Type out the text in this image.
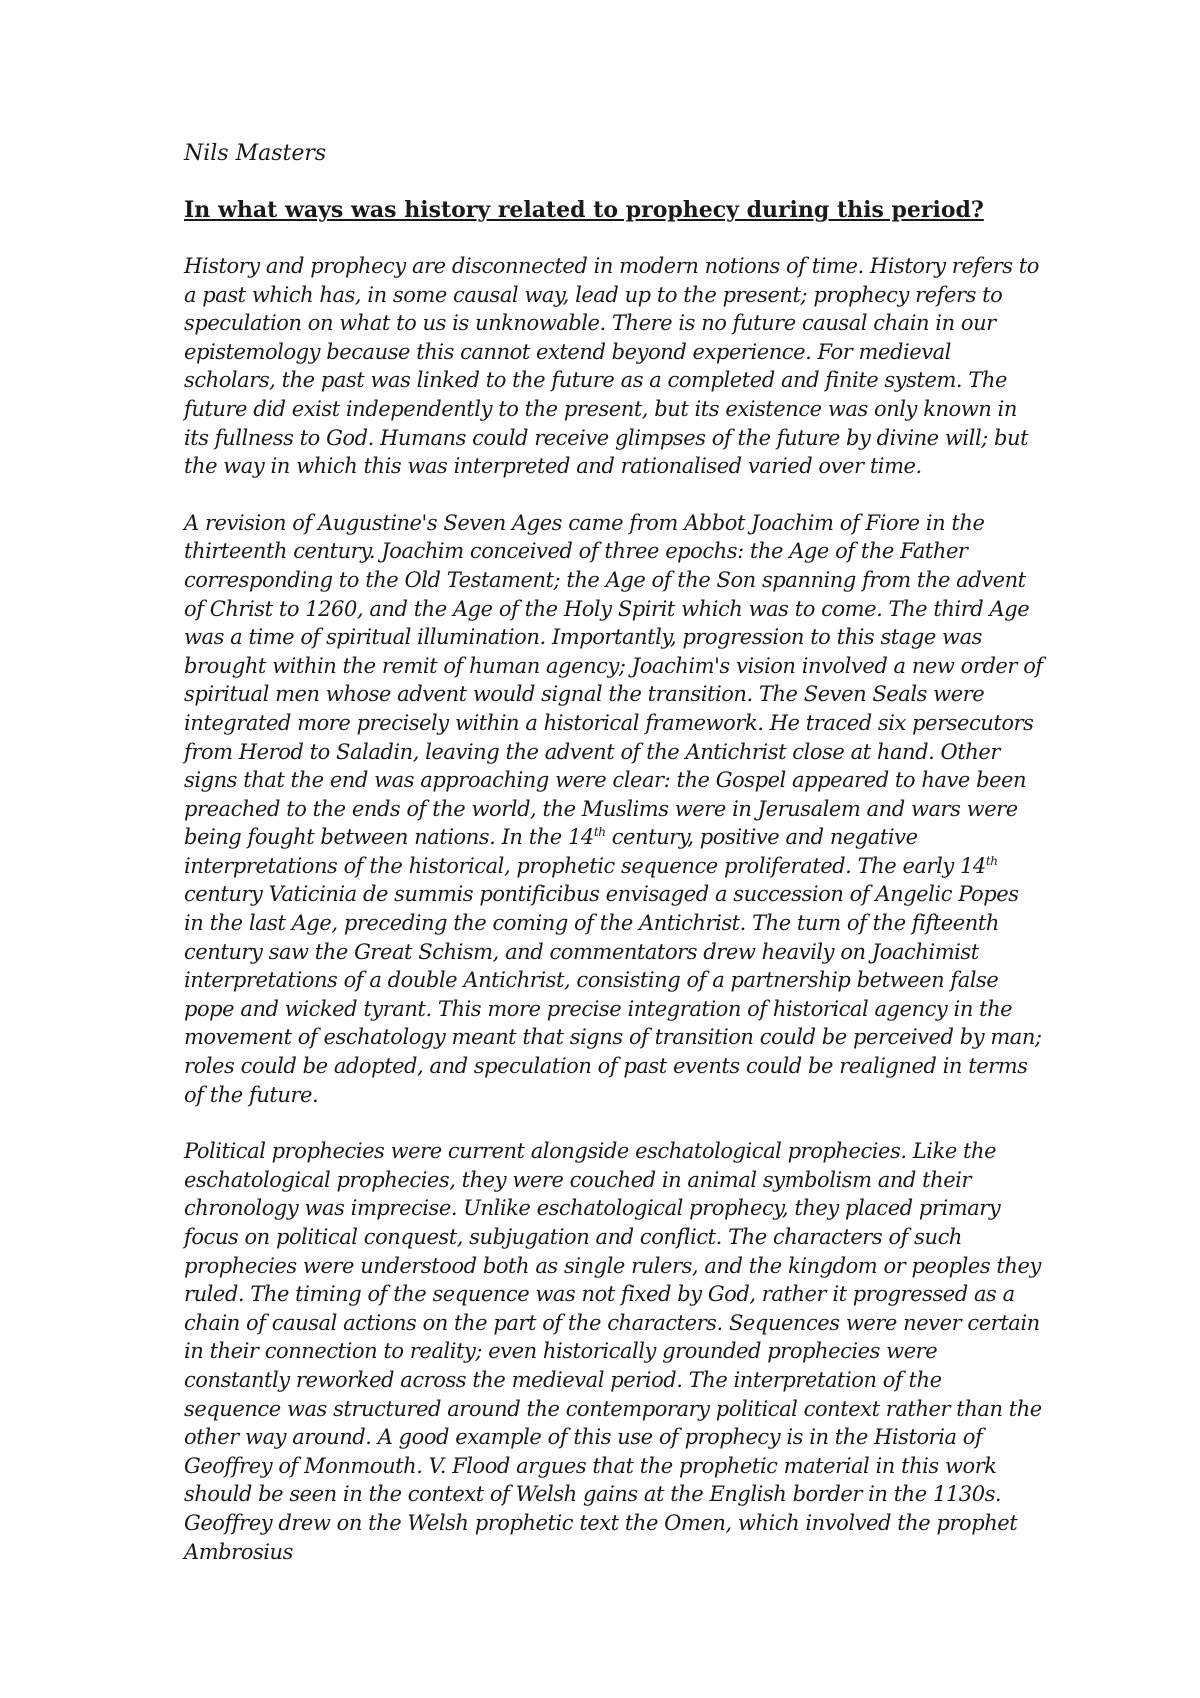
Nils Masters

In what ways was history related to prophecy during this period?

History and prophecy are disconnected in modern notions of time. History refers to a past which has, in some causal way, lead up to the present; prophecy refers to speculation on what to us is unknowable. There is no future causal chain in our epistemology because this cannot extend beyond experience. For medieval scholars, the past was linked to the future as a completed and finite system. The future did exist independently to the present, but its existence was only known in its fullness to God. Humans could receive glimpses of the future by divine will; but the way in which this was interpreted and rationalised varied over time.

A revision of Augustine's Seven Ages came from Abbot Joachim of Fiore in the thirteenth century. Joachim conceived of three epochs: the Age of the Father corresponding to the Old Testament; the Age of the Son spanning from the advent of Christ to 1260, and the Age of the Holy Spirit which was to come. The third Age was a time of spiritual illumination. Importantly, progression to this stage was brought within the remit of human agency; Joachim's vision involved a new order of spiritual men whose advent would signal the transition. The Seven Seals were integrated more precisely within a historical framework. He traced six persecutors from Herod to Saladin, leaving the advent of the Antichrist close at hand. Other signs that the end was approaching were clear: the Gospel appeared to have been preached to the ends of the world, the Muslims were in Jerusalem and wars were being fought between nations. In the 14th century, positive and negative interpretations of the historical, prophetic sequence proliferated. The early 14th century Vaticinia de summis pontificibus envisaged a succession of Angelic Popes in the last Age, preceding the coming of the Antichrist. The turn of the fifteenth century saw the Great Schism, and commentators drew heavily on Joachimist interpretations of a double Antichrist, consisting of a partnership between false pope and wicked tyrant. This more precise integration of historical agency in the movement of eschatology meant that signs of transition could be perceived by man; roles could be adopted, and speculation of past events could be realigned in terms of the future.

Political prophecies were current alongside eschatological prophecies. Like the eschatological prophecies, they were couched in animal symbolism and their chronology was imprecise. Unlike eschatological prophecy, they placed primary focus on political conquest, subjugation and conflict. The characters of such prophecies were understood both as single rulers, and the kingdom or peoples they ruled. The timing of the sequence was not fixed by God, rather it progressed as a chain of causal actions on the part of the characters. Sequences were never certain in their connection to reality; even historically grounded prophecies were constantly reworked across the medieval period. The interpretation of the sequence was structured around the contemporary political context rather than the other way around. A good example of this use of prophecy is in the Historia of Geoffrey of Monmouth. V. Flood argues that the prophetic material in this work should be seen in the context of Welsh gains at the English border in the 1130s. Geoffrey drew on the Welsh prophetic text the Omen, which involved the prophet Ambrosius
